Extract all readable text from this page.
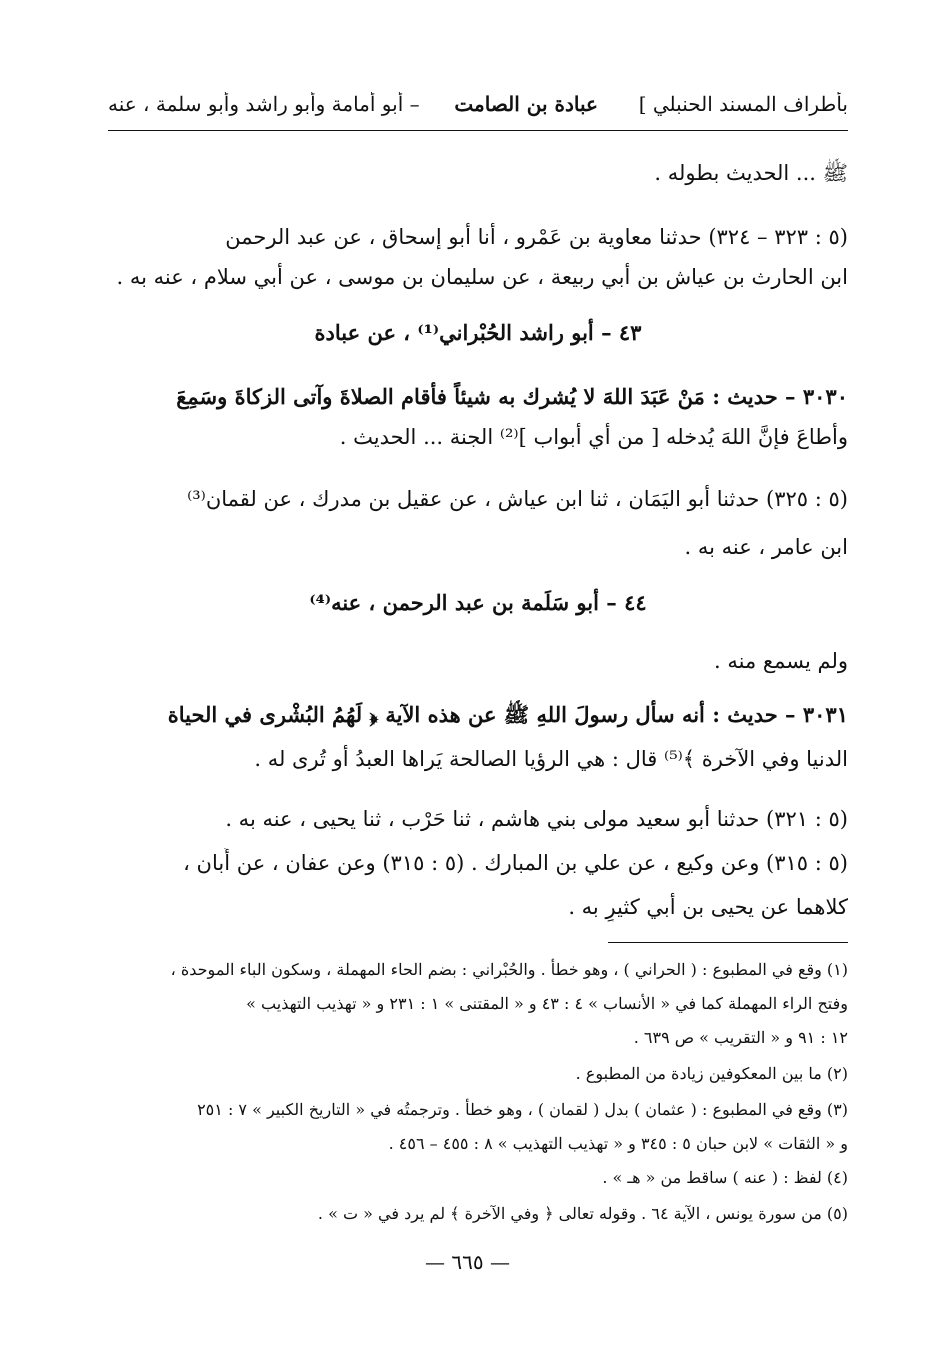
بأطراف المسند الحنبلي ]
عبادة بن الصامت
– أبو أمامة وأبو راشد وأبو سلمة ، عنه
ﷺ ... الحديث بطوله .
(٥ : ٣٢٣ – ٣٢٤) حدثنا معاوية بن عَمْرو ، أنا أبو إسحاق ، عن عبد الرحمن
ابن الحارث بن عياش بن أبي ربيعة ، عن سليمان بن موسى ، عن أبي سلام ، عنه به .
٤٣ – أبو راشد الحُبْراني⁽¹⁾ ، عن عبادة
٣٠٣٠ – حديث : مَنْ عَبَدَ اللهَ لا يُشرك به شيئاً فأقام الصلاةَ وآتى الزكاةَ وسَمِعَ
وأطاعَ فإنَّ اللهَ يُدخله [ من أي أبواب ]⁽²⁾ الجنة ... الحديث .
(٥ : ٣٢٥) حدثنا أبو اليَمَان ، ثنا ابن عياش ، عن عقيل بن مدرك ، عن لقمان⁽³⁾
ابن عامر ، عنه به .
٤٤ – أبو سَلَمة بن عبد الرحمن ، عنه⁽⁴⁾
ولم يسمع منه .
٣٠٣١ – حديث : أنه سأل رسولَ اللهِ ﷺ عن هذه الآية ﴿ لَهُمُ البُشْرى في الحياة
الدنيا وفي الآخرة ﴾⁽⁵⁾ قال : هي الرؤيا الصالحة يَراها العبدُ أو تُرى له .
(٥ : ٣٢١) حدثنا أبو سعيد مولى بني هاشم ، ثنا حَرْب ، ثنا يحيى ، عنه به .
(٥ : ٣١٥) وعن وكيع ، عن علي بن المبارك . (٥ : ٣١٥) وعن عفان ، عن أَبان ،
كلاهما عن يحيى بن أبي كثيرٍ به .
(١) وقع في المطبوع : ( الحراني ) ، وهو خطأ . والحُبْراني : بضم الحاء المهملة ، وسكون الباء الموحدة ،
وفتح الراء المهملة كما في « الأنساب » ٤ : ٤٣ و « المقتنى » ١ : ٢٣١ و « تهذيب التهذيب »
١٢ : ٩١ و « التقريب » ص ٦٣٩ .
(٢) ما بين المعكوفين زيادة من المطبوع .
(٣) وقع في المطبوع : ( عثمان ) بدل ( لقمان ) ، وهو خطأ . وترجمتُه في « التاريخ الكبير » ٧ : ٢٥١
و « الثقات » لابن حبان ٥ : ٣٤٥ و « تهذيب التهذيب » ٨ : ٤٥٥ – ٤٥٦ .
(٤) لفظ : ( عنه ) ساقط من « هـ » .
(٥) من سورة يونس ، الآية ٦٤ . وقوله تعالى ﴿ وفي الآخرة ﴾ لم يرد في « ت » .
— ٦٦٥ —
